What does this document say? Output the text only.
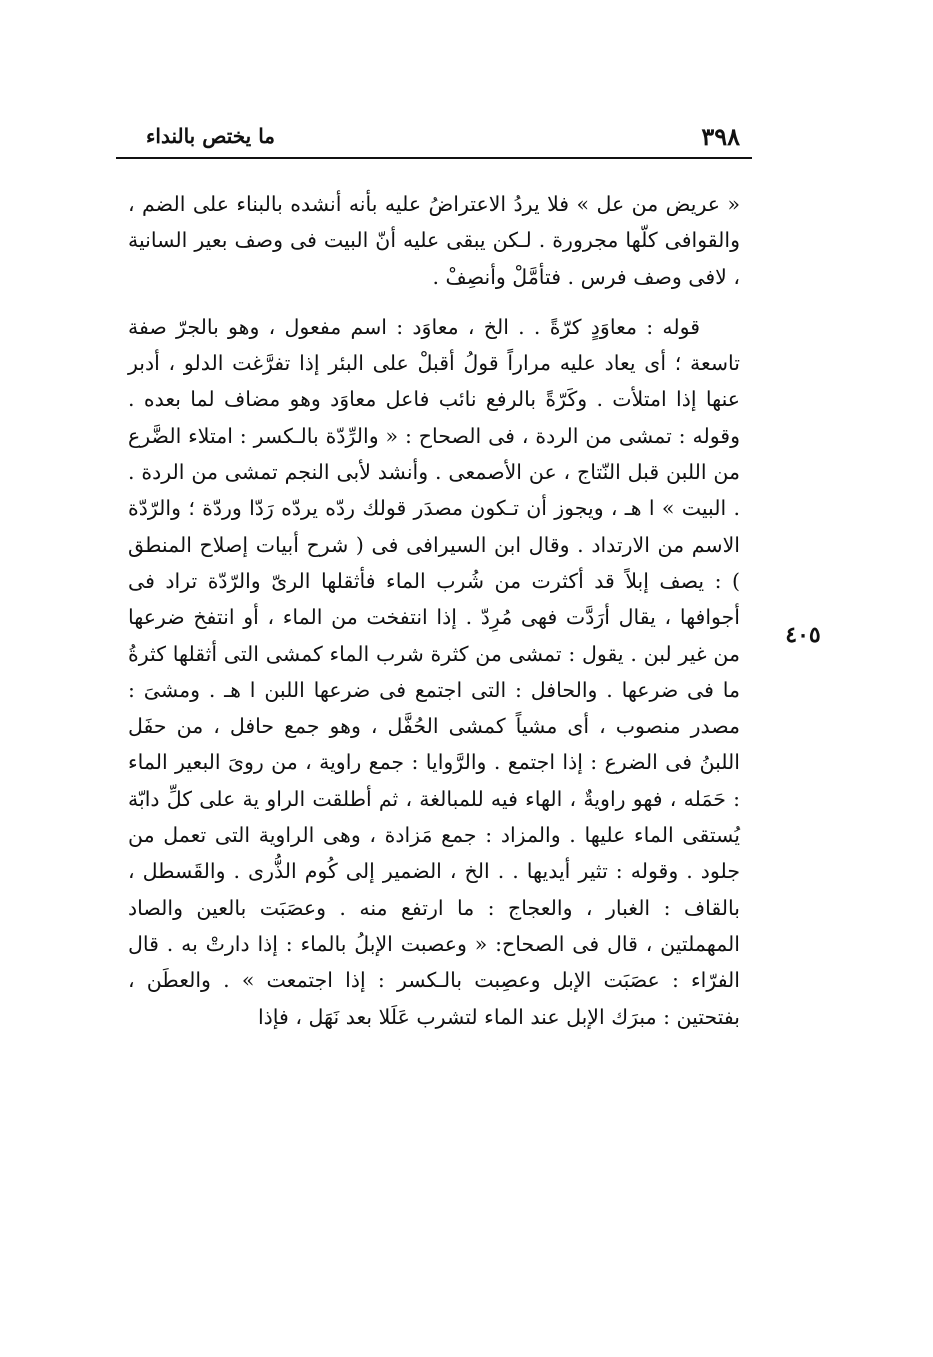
٣٩٨
ما يختص بالنداء
٤٠٥

« عريض من عل » فلا يردُ الاعتراضُ عليه بأنه أنشده بالبناء على الضم ، والقوافى كلّها مجرورة . لـكن يبقى عليه أنّ البيت فى وصف بعير السانية ، لافى وصف فرس . فتأمَّلْ وأنصِفْ .

قوله : معاوَدٍ كرّةً . . الخ ، معاوَد : اسم مفعول ، وهو بالجرّ صفة تاسعة ؛ أى يعاد عليه مراراً قولُ أقبلْ على البئر إذا تفرَّغت الدلو ، أدبر عنها إذا امتلأت . وكَرّةً بالرفع نائب فاعل معاوَد وهو مضاف لما بعده . وقوله : تمشى من الردة ، فى الصحاح : « والرِّدّة بالـكسر : امتلاء الضَّرع من اللبن قبل النّتاج ، عن الأصمعى . وأنشد لأبى النجم تمشى من الردة . . البيت » ا هـ ، ويجوز أن تـكون مصدَر قولك ردّه يردّه رَدّا وردّة ؛ والرّدّة الاسم من الارتداد . وقال ابن السيرافى فى ( شرح أبيات إصلاح المنطق ) : يصف إبلاً قد أكثرت من شُرب الماء فأثقلها الرىّ والرّدّة تراد فى أجوافها ، يقال أرَدَّت فهى مُرِدّ . إذا انتفخت من الماء ، أو انتفخ ضرعها من غير لبن . يقول : تمشى من كثرة شرب الماء كمشى التى أثقلها كثرةُ ما فى ضرعها . والحافل : التى اجتمع فى ضرعها اللبن ا هـ . ومشىَ : مصدر منصوب ، أى مشياً كمشى الحُفَّل ، وهو جمع حافل ، من حفَل اللبنُ فى الضرع : إذا اجتمع . والرَّوايا : جمع راوية ، من روىَ البعير الماء : حَمَله ، فهو راويةٌ ، الهاء فيه للمبالغة ، ثم أطلقت الراو ية على كلِّ دابّة يُستقى الماء عليها . والمزاد : جمع مَزادة ، وهى الراوية التى تعمل من جلود . وقوله : تثير أيديها . . الخ ، الضمير إلى كُوم الذُّرى . والقَسطل ، بالقاف : الغبار ، والعجاج : ما ارتفع منه . وعصَبَت بالعين والصاد المهملتين ، قال فى الصحاح: « وعصبت الإبلُ بالماء : إذا دارتْ به . قال الفرّاء : عصَبَت الإبل وعصِبت بالـكسر : إذا اجتمعت » . والعطَن ، بفتحتين : مبرَك الإبل عند الماء لتشرب عَلَلا بعد نَهَل ، فإذا
